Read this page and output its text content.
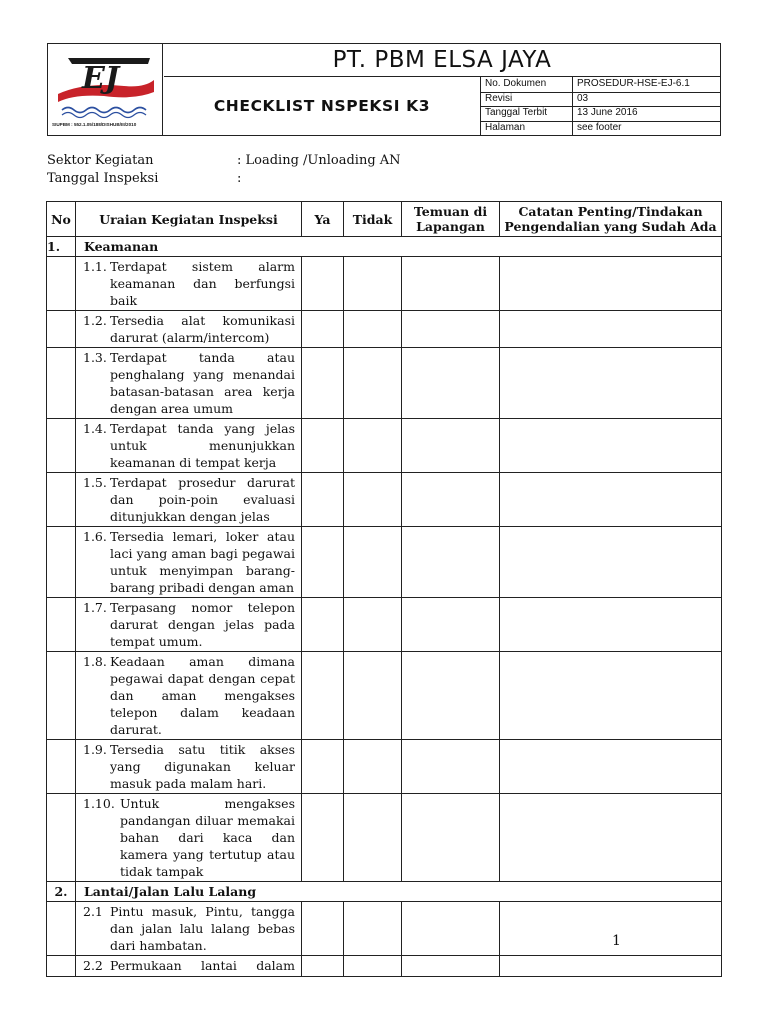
EJ
SIUPBM : 552.1.05/188/DISHUB/III/2010
PT. PBM ELSA JAYA
CHECKLIST NSPEKSI K3
No. Dokumen	PROSEDUR-HSE-EJ-6.1
Revisi	03
Tanggal Terbit	13 June 2016
Halaman	see footer
Sektor Kegiatan	: Loading /Unloading AN
Tanggal Inspeksi	:
No	Uraian Kegiatan Inspeksi	Ya	Tidak	Temuan di Lapangan	Catatan Penting/Tindakan Pengendalian yang Sudah Ada
1.	Keamanan				

	1.1. Terdapat sistem alarm keamanan dan berfungsi baik				

	1.2. Tersedia alat komunikasi darurat (alarm/intercom)				

	1.3. Terdapat tanda atau penghalang yang menandai batasan-batasan area kerja dengan area umum				

	1.4. Terdapat tanda yang jelas untuk menunjukkan keamanan di tempat kerja				

	1.5. Terdapat prosedur darurat dan poin-poin evaluasi ditunjukkan dengan jelas				

	1.6. Tersedia lemari, loker atau laci yang aman bagi pegawai untuk menyimpan barang-barang pribadi dengan aman				

	1.7. Terpasang nomor telepon darurat dengan jelas pada tempat umum.				

	1.8. Keadaan aman dimana pegawai dapat dengan cepat dan aman mengakses telepon dalam keadaan darurat.				

	1.9. Tersedia satu titik akses yang digunakan keluar masuk pada malam hari.				

	1.10. Untuk mengakses pandangan diluar memakai bahan dari kaca dan kamera yang tertutup atau tidak tampak				

2.	Lantai/Jalan Lalu Lalang				

	2.1 Pintu masuk, Pintu, tangga dan jalan lalu lalang bebas dari hambatan.				

	2.2 Permukaan lantai dalam				

1
